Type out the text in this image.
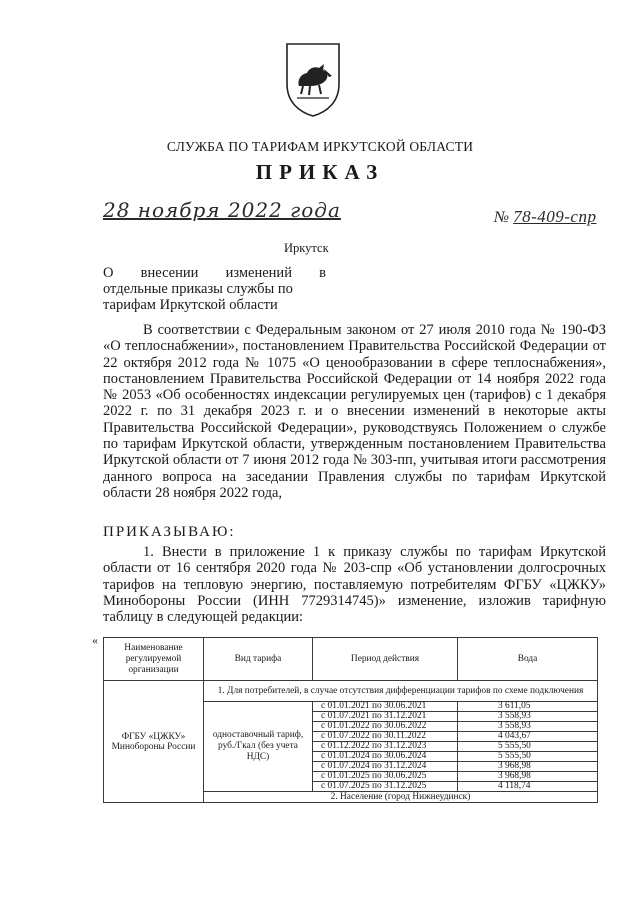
СЛУЖБА ПО ТАРИФАМ ИРКУТСКОЙ ОБЛАСТИ
ПРИКАЗ
28 ноября 2022 года	№ 78-409-спр
Иркутск
О внесении изменений в
отдельные приказы службы по
тарифам Иркутской области
В соответствии с Федеральным законом от 27 июля 2010 года № 190-ФЗ «О теплоснабжении», постановлением Правительства Российской Федерации от 22 октября 2012 года № 1075 «О ценообразовании в сфере теплоснабжения», постановлением Правительства Российской Федерации от 14 ноября 2022 года № 2053 «Об особенностях индексации регулируемых цен (тарифов) с 1 декабря 2022 г. по 31 декабря 2023 г. и о внесении изменений в некоторые акты Правительства Российской Федерации», руководствуясь Положением о службе по тарифам Иркутской области, утвержденным постановлением Правительства Иркутской области от 7 июня 2012 года № 303-пп, учитывая итоги рассмотрения данного вопроса на заседании Правления службы по тарифам Иркутской области 28 ноября 2022 года,
ПРИКАЗЫВАЮ:
1. Внести в приложение 1 к приказу службы по тарифам Иркутской области от 16 сентября 2020 года № 203-спр «Об установлении долгосрочных тарифов на тепловую энергию, поставляемую потребителям ФГБУ «ЦЖКУ» Минобороны России (ИНН 7729314745)» изменение, изложив тарифную таблицу в следующей редакции:
«
Наименование регулируемой организации	Вид тарифа	Период действия	Вода
ФГБУ «ЦЖКУ» Минобороны России	1. Для потребителей, в случае отсутствия дифференциации тарифов по схеме подключения		
	одноставочный тариф, руб./Гкал (без учета НДС)	с 01.01.2021 по 30.06.2021	3 611,05
		с 01.07.2021 по 31.12.2021	3 558,93
		с 01.01.2022 по 30.06.2022	3 558,93
		с 01.07.2022 по 30.11.2022	4 043,67
		с 01.12.2022 по 31.12.2023	5 555,50
		с 01.01.2024 по 30.06.2024	5 555,50
		с 01.07.2024 по 31.12.2024	3 968,98
		с 01.01.2025 по 30.06.2025	3 968,98
		с 01.07.2025 по 31.12.2025	4 118,74
	2. Население (город Нижнеудинск)		
